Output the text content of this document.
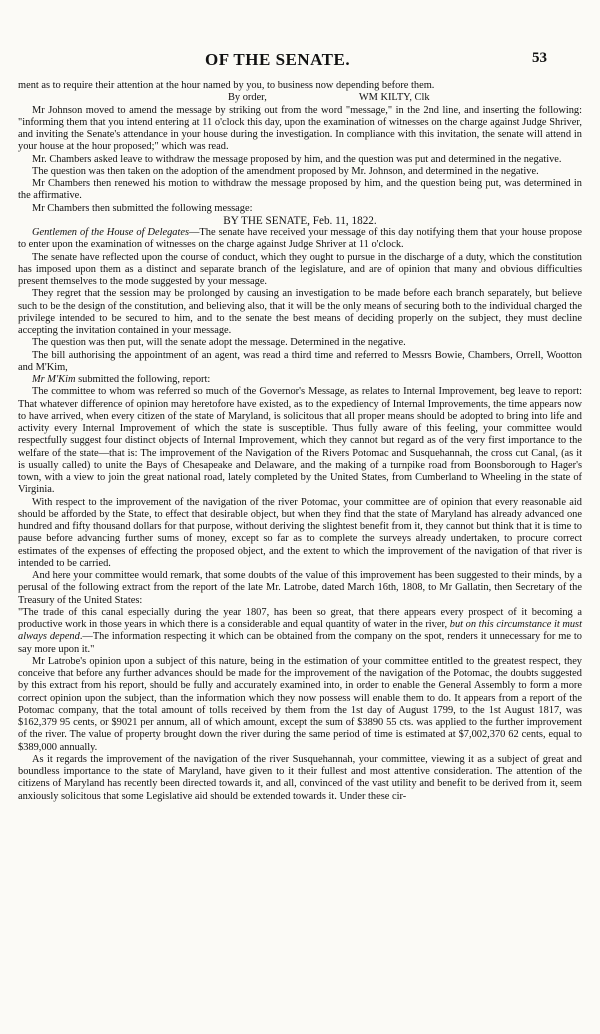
OF THE SENATE.	53

ment as to require their attention at the hour named by you, to business now depending before them.

By order,	WM KILTY, Clk

Mr Johnson moved to amend the message by striking out from the word "message," in the 2nd line, and inserting the following: "informing them that you intend entering at 11 o'clock this day, upon the examination of witnesses on the charge against Judge Shriver, and inviting the Senate's attendance in your house during the investigation. In compliance with this invitation, the senate will attend in your house at the hour proposed;" which was read.

Mr. Chambers asked leave to withdraw the message proposed by him, and the question was put and determined in the negative.

The question was then taken on the adoption of the amendment proposed by Mr. Johnson, and determined in the negative.

Mr Chambers then renewed his motion to withdraw the message proposed by him, and the question being put, was determined in the affirmative.

Mr Chambers then submitted the following message:

BY THE SENATE, Feb. 11, 1822.

Gentlemen of the House of Delegates—The senate have received your message of this day notifying them that your house propose to enter upon the examination of witnesses on the charge against Judge Shriver at 11 o'clock.

The senate have reflected upon the course of conduct, which they ought to pursue in the discharge of a duty, which the constitution has imposed upon them as a distinct and separate branch of the legislature, and are of opinion that many and obvious difficulties present themselves to the mode suggested by your message.

They regret that the session may be prolonged by causing an investigation to be made before each branch separately, but believe such to be the design of the constitution, and believing also, that it will be the only means of securing both to the individual charged the privilege intended to be secured to him, and to the senate the best means of deciding properly on the subject, they must decline accepting the invitation contained in your message.

The question was then put, will the senate adopt the message. Determined in the negative.

The bill authorising the appointment of an agent, was read a third time and referred to Messrs Bowie, Chambers, Orrell, Wootton and M'Kim,

Mr M'Kim submitted the following, report:

The committee to whom was referred so much of the Governor's Message, as relates to Internal Improvement, beg leave to report: That whatever difference of opinion may heretofore have existed, as to the expediency of Internal Improvements, the time appears now to have arrived, when every citizen of the state of Maryland, is solicitous that all proper means should be adopted to bring into life and activity every Internal Improvement of which the state is susceptible. Thus fully aware of this feeling, your committee would respectfully suggest four distinct objects of Internal Improvement, which they cannot but regard as of the very first importance to the welfare of the state—that is: The improvement of the Navigation of the Rivers Potomac and Susquehannah, the cross cut Canal, (as it is usually called) to unite the Bays of Chesapeake and Delaware, and the making of a turnpike road from Boonsborough to Hager's town, with a view to join the great national road, lately completed by the United States, from Cumberland to Wheeling in the state of Virginia.

With respect to the improvement of the navigation of the river Potomac, your committee are of opinion that every reasonable aid should be afforded by the State, to effect that desirable object, but when they find that the state of Maryland has already advanced one hundred and fifty thousand dollars for that purpose, without deriving the slightest benefit from it, they cannot but think that it is time to pause before advancing further sums of money, except so far as to complete the surveys already undertaken, to procure correct estimates of the expenses of effecting the proposed object, and the extent to which the improvement of the navigation of that river is intended to be carried.

And here your committee would remark, that some doubts of the value of this improvement has been suggested to their minds, by a perusal of the following extract from the report of the late Mr. Latrobe, dated March 16th, 1808, to Mr Gallatin, then Secretary of the Treasury of the United States:

"The trade of this canal especially during the year 1807, has been so great, that there appears every prospect of it becoming a productive work in those years in which there is a considerable and equal quantity of water in the river, but on this circumstance it must always depend.—The information respecting it which can be obtained from the company on the spot, renders it unnecessary for me to say more upon it."

Mr Latrobe's opinion upon a subject of this nature, being in the estimation of your committee entitled to the greatest respect, they conceive that before any further advances should be made for the improvement of the navigation of the Potomac, the doubts suggested by this extract from his report, should be fully and accurately examined into, in order to enable the General Assembly to form a more correct opinion upon the subject, than the information which they now possess will enable them to do. It appears from a report of the Potomac company, that the total amount of tolls received by them from the 1st day of August 1799, to the 1st August 1817, was $162,379 95 cents, or $9021 per annum, all of which amount, except the sum of $3890 55 cts. was applied to the further improvement of the river. The value of property brought down the river during the same period of time is estimated at $7,002,370 62 cents, equal to $389,000 annually.

As it regards the improvement of the navigation of the river Susquehannah, your committee, viewing it as a subject of great and boundless importance to the state of Maryland, have given to it their fullest and most attentive consideration. The attention of the citizens of Maryland has recently been directed towards it, and all, convinced of the vast utility and benefit to be derived from it, seem anxiously solicitous that some Legislative aid should be extended towards it. Under these cir-
